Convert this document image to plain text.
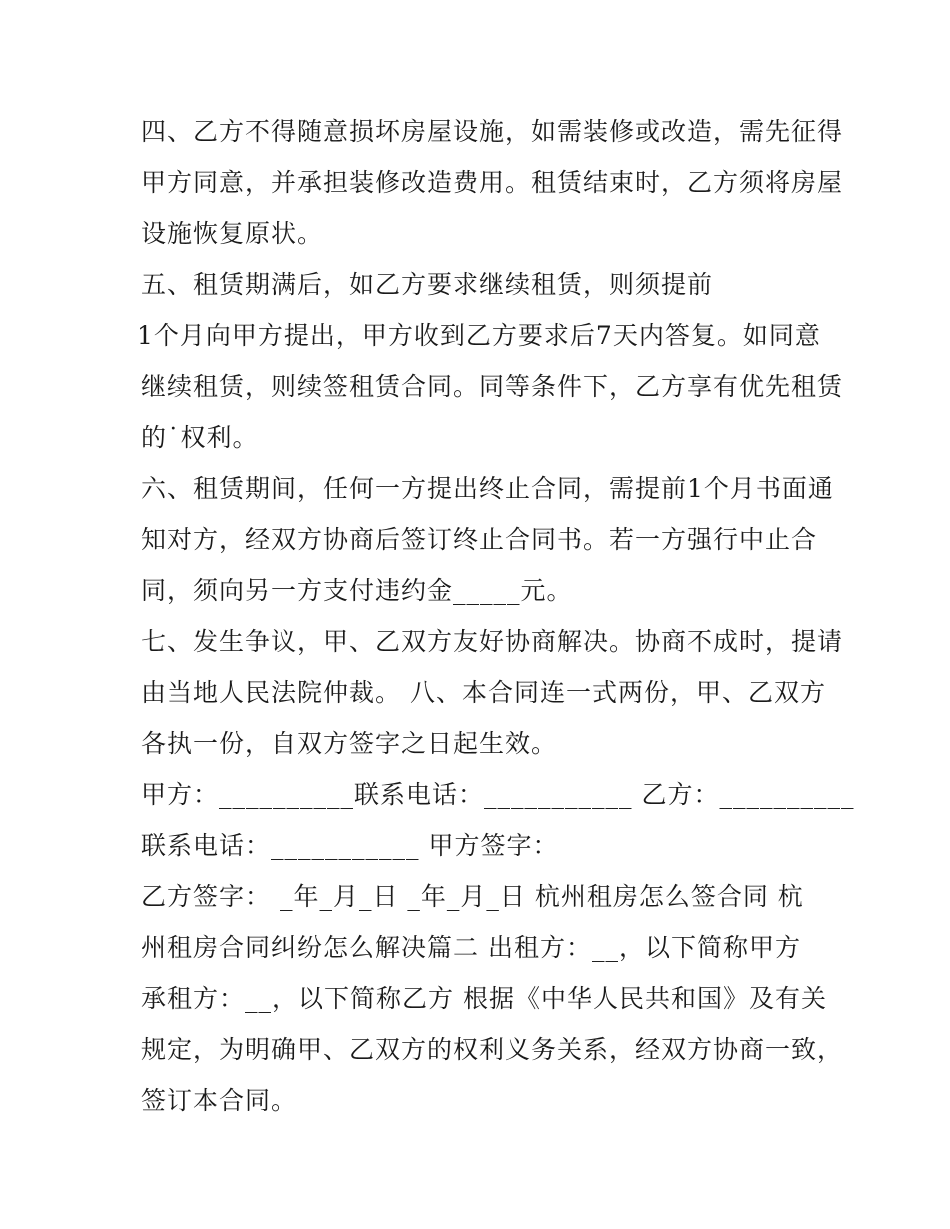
四、乙方不得随意损坏房屋设施，如需装修或改造，需先征得
甲方同意，并承担装修改造费用。租赁结束时，乙方须将房屋
设施恢复原状。
五、租赁期满后，如乙方要求继续租赁，则须提前
1个月向甲方提出，甲方收到乙方要求后7天内答复。如同意
继续租赁，则续签租赁合同。同等条件下，乙方享有优先租赁
的˙权利。
六、租赁期间，任何一方提出终止合同，需提前1个月书面通
知对方，经双方协商后签订终止合同书。若一方强行中止合
同，须向另一方支付违约金_____元。
七、发生争议，甲、乙双方友好协商解决。协商不成时，提请
由当地人民法院仲裁。 八、本合同连一式两份，甲、乙双方
各执一份，自双方签字之日起生效。
甲方：__________联系电话：___________ 乙方：__________
联系电话：___________ 甲方签字：
乙方签字： _年_月_日 _年_月_日 杭州租房怎么签合同 杭
州租房合同纠纷怎么解决篇二 出租方：__，以下简称甲方
承租方：__，以下简称乙方 根据《中华人民共和国》及有关
规定，为明确甲、乙双方的权利义务关系，经双方协商一致，
签订本合同。
